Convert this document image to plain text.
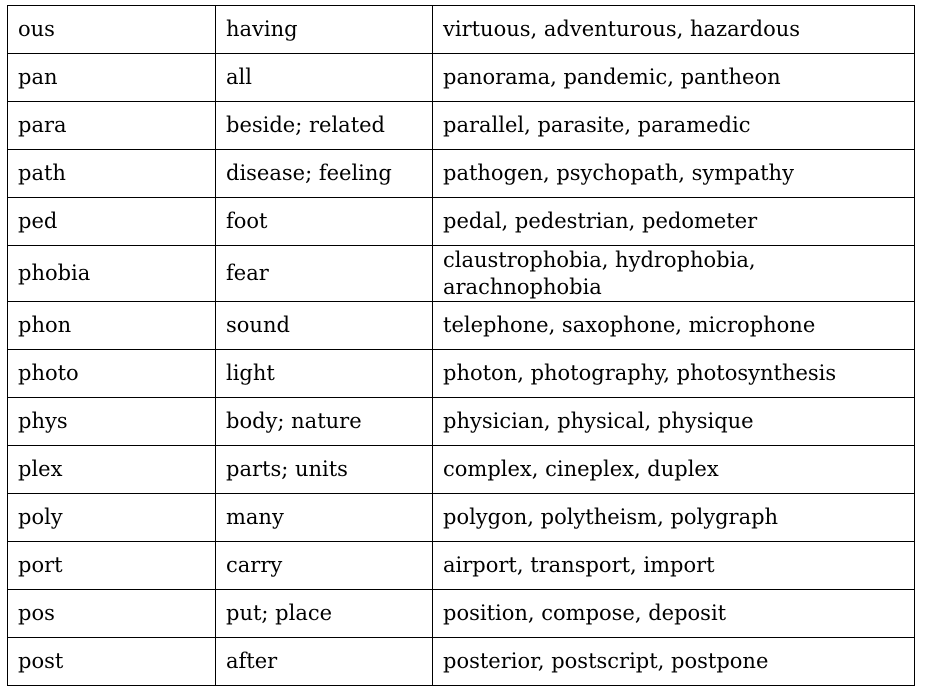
ous	having	virtuous, adventurous, hazardous
pan	all	panorama, pandemic, pantheon
para	beside; related	parallel, parasite, paramedic
path	disease; feeling	pathogen, psychopath, sympathy
ped	foot	pedal, pedestrian, pedometer
phobia	fear	claustrophobia, hydrophobia, arachnophobia
phon	sound	telephone, saxophone, microphone
photo	light	photon, photography, photosynthesis
phys	body; nature	physician, physical, physique
plex	parts; units	complex, cineplex, duplex
poly	many	polygon, polytheism, polygraph
port	carry	airport, transport, import
pos	put; place	position, compose, deposit
post	after	posterior, postscript, postpone
